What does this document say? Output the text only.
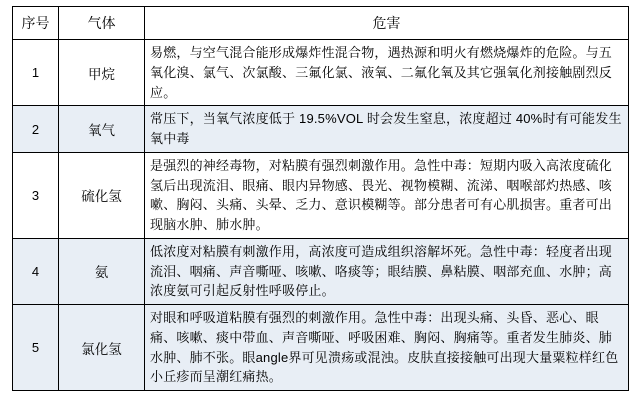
序号	气体	危害
1	甲烷	易燃，与空气混合能形成爆炸性混合物，遇热源和明火有燃烧爆炸的危险。与五氧化溴、氯气、次氯酸、三氟化氯、液氧、二氟化氧及其它强氧化剂接触剧烈反应。
2	氧气	常压下，当氧气浓度低于 19.5%VOL 时会发生窒息，浓度超过 40%时有可能发生氧中毒
3	硫化氢	是强烈的神经毒物，对粘膜有强烈刺激作用。急性中毒：短期内吸入高浓度硫化氢后出现流泪、眼痛、眼内异物感、畏光、视物模糊、流涕、咽喉部灼热感、咳嗽、胸闷、头痛、头晕、乏力、意识模糊等。部分患者可有心肌损害。重者可出现脑水肿、肺水肿。
4	氨	低浓度对粘膜有刺激作用，高浓度可造成组织溶解坏死。急性中毒：轻度者出现流泪、咽痛、声音嘶哑、咳嗽、咯痰等；眼结膜、鼻粘膜、咽部充血、水肿；高浓度氨可引起反射性呼吸停止。
5	氯化氢	对眼和呼吸道粘膜有强烈的刺激作用。急性中毒：出现头痛、头昏、恶心、眼痛、咳嗽、痰中带血、声音嘶哑、呼吸困难、胸闷、胸痛等。重者发生肺炎、肺水肿、肺不张。眼angle界可见溃疡或混浊。皮肤直接接触可出现大量粟粒样红色小丘疹而呈潮红痛热。
